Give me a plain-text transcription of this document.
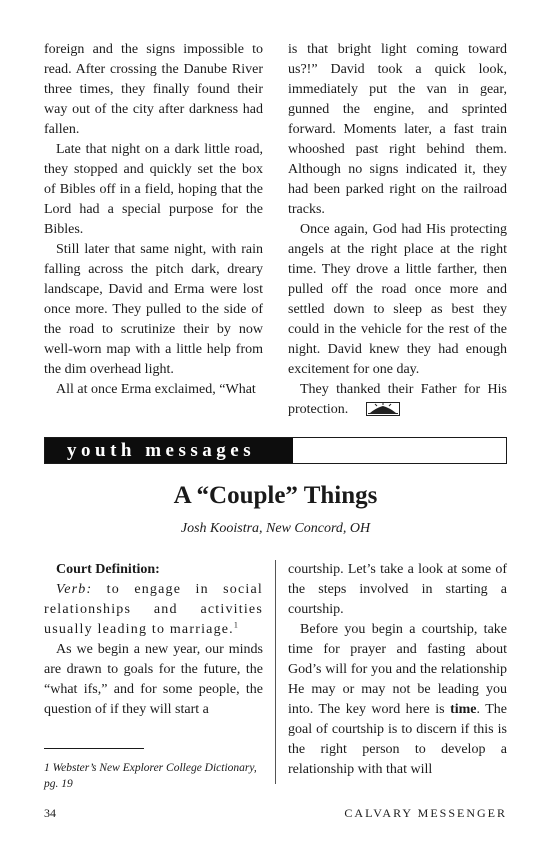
foreign and the signs impossible to read. After crossing the Danube River three times, they finally found their way out of the city after darkness had fallen.

Late that night on a dark little road, they stopped and quickly set the box of Bibles off in a field, hoping that the Lord had a special purpose for the Bibles.

Still later that same night, with rain falling across the pitch dark, dreary landscape, David and Erma were lost once more. They pulled to the side of the road to scrutinize their by now well-worn map with a little help from the dim overhead light.

All at once Erma exclaimed, “What

is that bright light coming toward us?!” David took a quick look, immediately put the van in gear, gunned the engine, and sprinted forward. Moments later, a fast train whooshed past right behind them. Although no signs indicated it, they had been parked right on the railroad tracks.

Once again, God had His protecting angels at the right place at the right time. They drove a little farther, then pulled off the road once more and settled down to sleep as best they could in the vehicle for the rest of the night. David knew they had enough excitement for one day.

They thanked their Father for His protection.

youth messages
A “Couple” Things
Josh Kooistra, New Concord, OH

Court Definition:

Verb: to engage in social relationships and activities usually leading to marriage.$^1$

As we begin a new year, our minds are drawn to goals for the future, the “what ifs,” and for some people, the question of if they will start a

courtship. Let’s take a look at some of the steps involved in starting a courtship.

Before you begin a courtship, take time for prayer and fasting about God’s will for you and the relationship He may or may not be leading you into. The key word here is time. The goal of courtship is to discern if this is the right person to develop a relationship with that will

1 Webster’s New Explorer College Dictionary, pg. 19
34	CALVARY MESSENGER
